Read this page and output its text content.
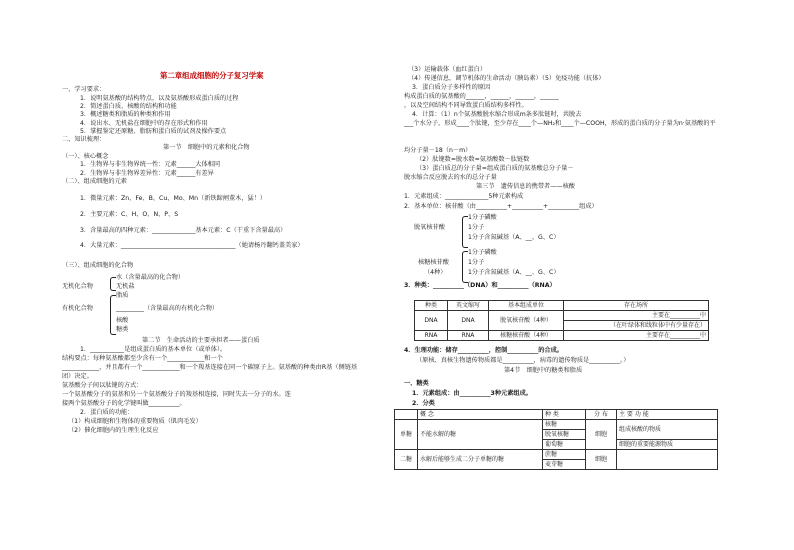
第二章组成细胞的分子复习学案
一、学习要求：
1．说明氨基酸的结构特点，以及氨基酸形成蛋白质的过程
2．简述蛋白质、核酸的结构和功能
3．概述糖类和脂质的种类和作用
4．说出水、无机盐在细胞中的存在形式和作用
5．掌握鉴定还原糖、脂肪和蛋白质的试剂及操作要点
二、知识梳理：
第一节　细胞中的元素和化合物
（一）、核心概念
1．生物界与非生物界统一性：元素______大体相同
2．生物界与非生物界差异性：元素______有差异
（二）、组成细胞的元素
1．微量元素：Zn、Fe、B、Cu、Mo、Mn（新铁蹄闸董木，猛！）
2．主要元素：C、H、O、N、P、S
3．含量最高的四种元素：______________基本元素：C（干重下含量最高）
4．大量元素：_____________________________________（她请杨丹翻钙盖美家）
（三）、组成细胞的化合物
水（含量最高的化合物）
无机化合物	无机盐
脂质
有机化合物	_________（含量最高的有机化合物）
核酸
糖类
第二节　生命活动的主要承担者——蛋白质
1．___________是组成蛋白质的基本单位（或单体）。
结构要点：每种氨基酸都至少含有一个____________和一个
____________，并且都有一个____________和一个羧基连接在同一个碳原子上。氨基酸的种类由R基（侧链基
团）决定。
氨基酸分子间以肽键的方式：
一个氨基酸分子的氨基和另一个氨基酸分子的羧基相连接，同时失去一分子的水。连
接两个氨基酸分子的化学键叫做__________。
2．蛋白质的功能：
（1）构成细胞和生物体的重要物质（肌肉毛发）
（2）催化细胞内的生理生化反应
（3）运输载体（血红蛋白）
（4）传递信息，调节机体的生命活动（胰岛素）（5）免疫功能（抗体）
3．蛋白质分子多样性的原因
构成蛋白质的氨基酸的______，______，______，______
，以及空间结构不同导致蛋白质结构多样性。
4．计算：（1）n个氨基酸脱水缩合形成m条多肽链时，共脱去
___个水分子，形成____个肽键，至少存在____个—NH₂和____个—COOH，形成的蛋白质的分子量为n·氨基酸的平
均分子量－18（n－m）
（2）肽键数=脱水数=氨基酸数－肽链数
（3）蛋白质总的分子量=组成蛋白质的氨基酸总分子量－
脱水缩合反应脱去的水的总分子量
第三节　遗传信息的携带者——核酸
1．元素组成：______________5种元素构成
2．基本单位：核苷酸（由__________+__________+__________组成）
1分子磷酸
脱氧核苷酸	1分子
1分子含氮碱基（A、__、G、C）
1分子磷酸
核糖核苷酸	1分子
（4种）	1分子含氮碱基（A、__、G、C）
3．种类：__________（DNA）和__________（RNA）
种类	英文缩写	基本组成单位	存在场所
DNA	DNA	脱氧核苷酸（4种）	主要在__________中
			（在叶绿体和线粒体中有少量存在）
RNA	RNA	核糖核苷酸（4种）	主要存在__________中
4．生理功能：储存__________，控制__________的合成。
（原核、真核生物遗传物质都是__________，病毒的遗传物质是__________。）
第4节　细胞中的糖类和脂质
一、糖类
1．元素组成：由__________3种元素组成。
2．分类
	概 念	种 类	分 布	主 要 功 能
单糖	不能水解的糖	核糖	细胞	组成核酸的物质
		脱氧核糖		
		葡萄糖		细胞的重要能源物质
二糖	水解后能够生成二分子单糖的糖	蔗糖	细胞	
		麦芽糖		
